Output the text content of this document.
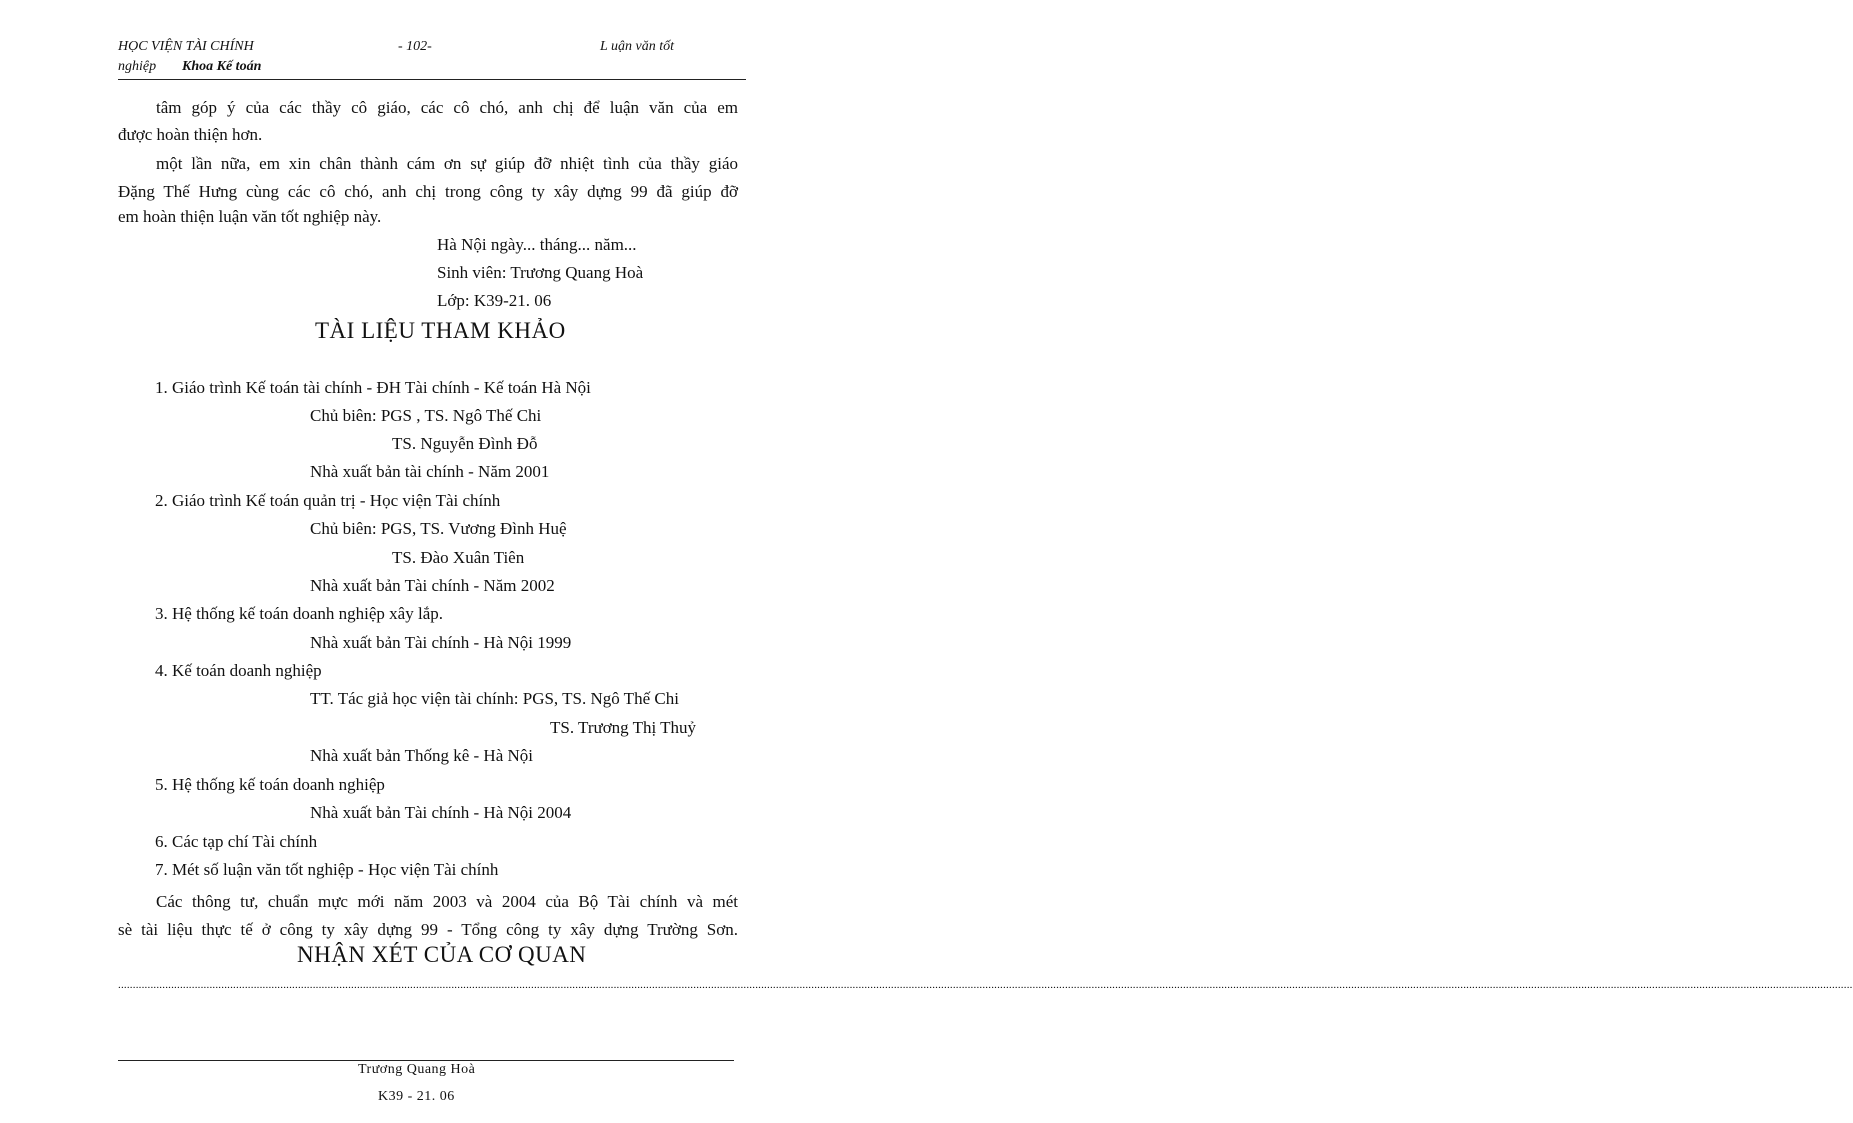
HỌC VIỆN TÀI CHÍNH	- 102-	L uận văn tốt
nghiệp Khoa Kế toán
tâm góp ý của các thầy cô giáo, các cô chó, anh chị để luận văn của em
được hoàn thiện hơn.
một lần nữa, em xin chân thành cám ơn sự giúp đỡ nhiệt tình của thầy giáo
Đặng Thế Hưng cùng các cô chó, anh chị trong công ty xây dựng 99 đã giúp đỡ
em hoàn thiện luận văn tốt nghiệp này.
Hà Nội ngày... tháng... năm...
Sinh viên: Trương Quang Hoà
Lớp: K39-21. 06
TÀI LIỆU THAM KHẢO
1. Giáo trình Kế toán tài chính - ĐH Tài chính - Kế toán Hà Nội
Chủ biên: PGS , TS. Ngô Thế Chi
TS. Nguyễn Đình Đỗ
Nhà xuất bản tài chính - Năm 2001
2. Giáo trình Kế toán quản trị - Học viện Tài chính
Chủ biên: PGS, TS. Vương Đình Huệ
TS. Đào Xuân Tiên
Nhà xuất bản Tài chính - Năm 2002
3. Hệ thống kế toán doanh nghiệp xây lắp.
Nhà xuất bản Tài chính - Hà Nội 1999
4. Kế toán doanh nghiệp
TT. Tác giả học viện tài chính: PGS, TS. Ngô Thế Chi
TS. Trương Thị Thuỷ
Nhà xuất bản Thống kê - Hà Nội
5. Hệ thống kế toán doanh nghiệp
Nhà xuất bản Tài chính - Hà Nội 2004
6. Các tạp chí Tài chính
7. Mét số luận văn tốt nghiệp - Học viện Tài chính
Các thông tư, chuẩn mực mới năm 2003 và 2004 của Bộ Tài chính và mét
sè tài liệu thực tế ở công ty xây dựng 99 - Tổng công ty xây dựng Trường Sơn.
NHẬN XÉT CỦA CƠ QUAN
............................................................................................................................................................................................................................................................................................................................................................................................................................................................................................................................................................................................................
Trương Quang Hoà
K39 - 21. 06
